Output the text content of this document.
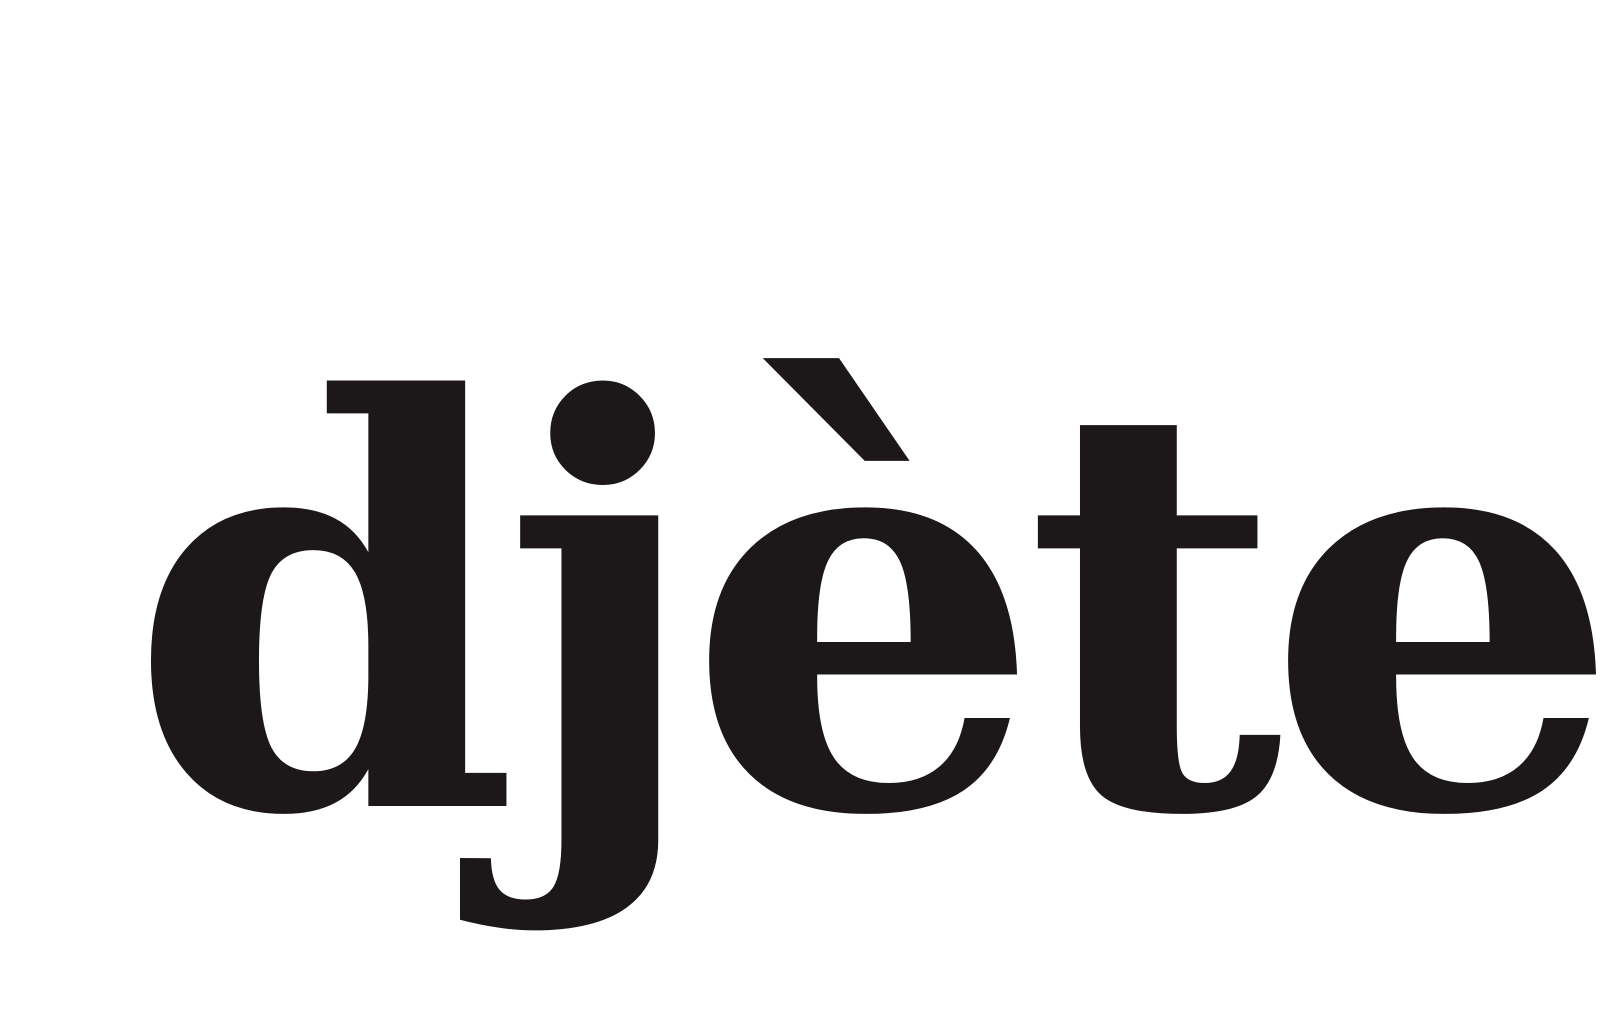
djète
